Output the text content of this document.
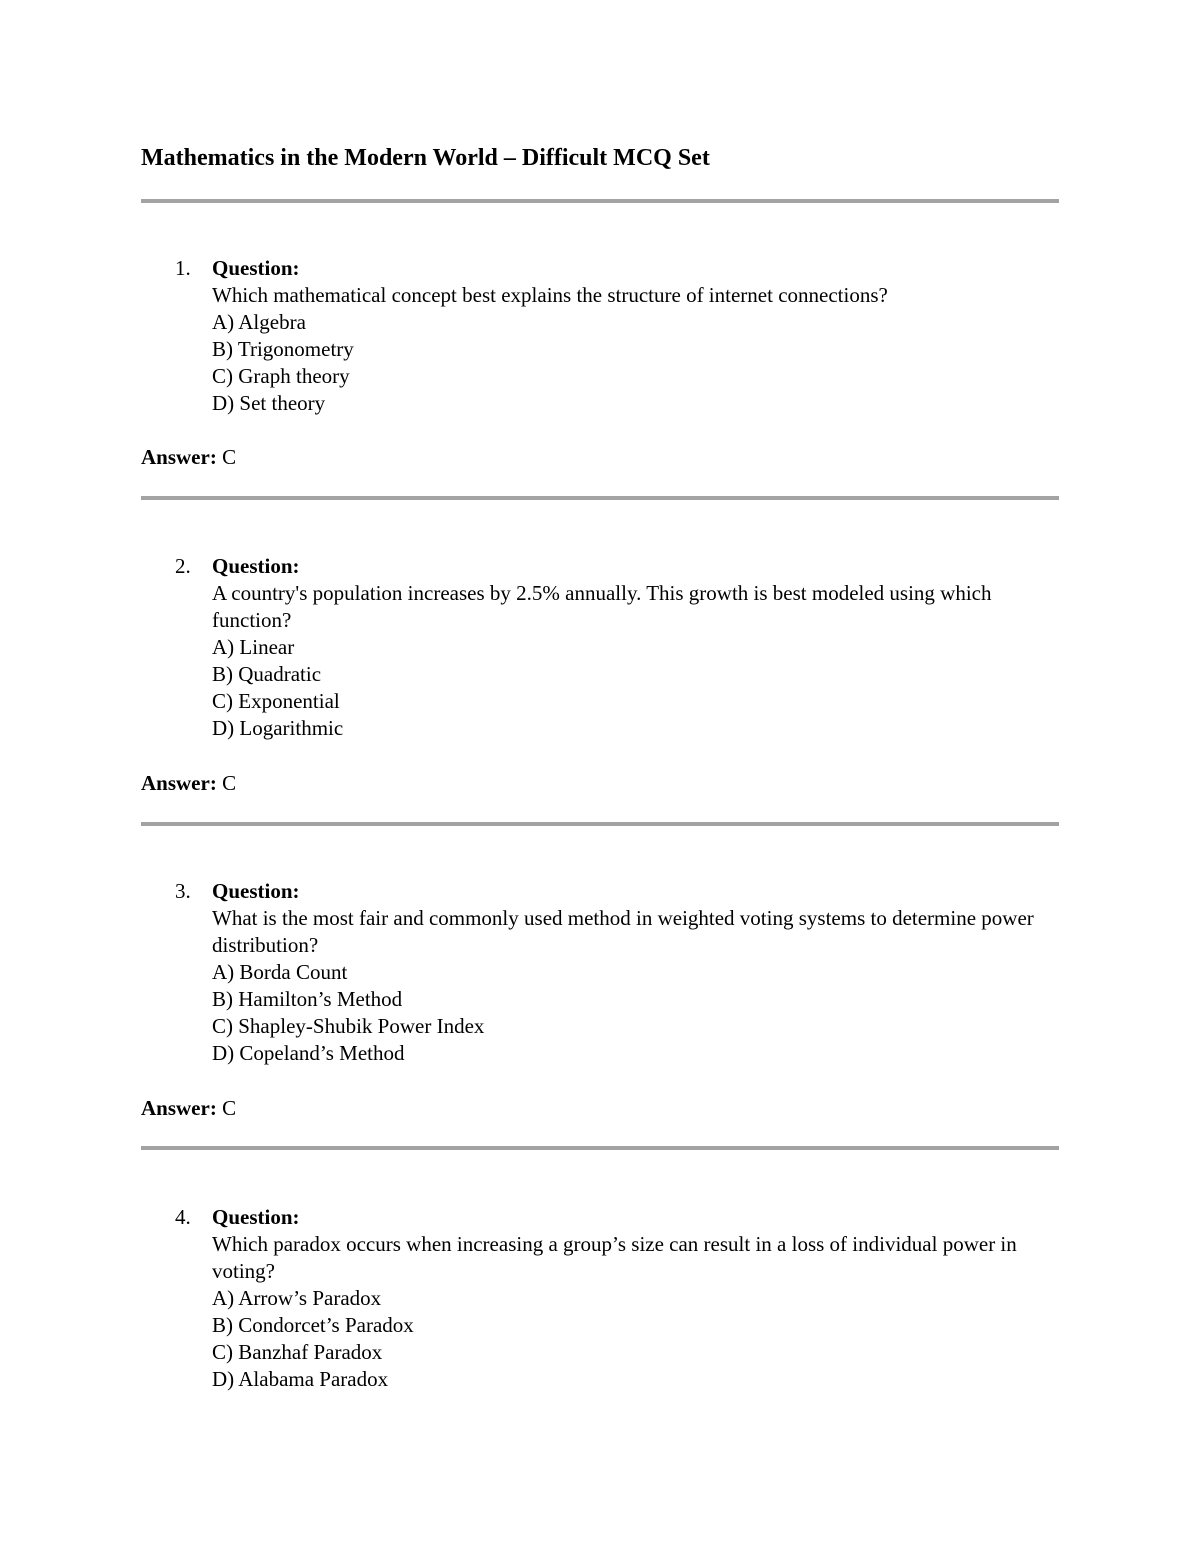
Mathematics in the Modern World – Difficult MCQ Set
1. Question:
Which mathematical concept best explains the structure of internet connections?
A) Algebra
B) Trigonometry
C) Graph theory
D) Set theory
Answer: C
2. Question:
A country's population increases by 2.5% annually. This growth is best modeled using which function?
A) Linear
B) Quadratic
C) Exponential
D) Logarithmic
Answer: C
3. Question:
What is the most fair and commonly used method in weighted voting systems to determine power distribution?
A) Borda Count
B) Hamilton’s Method
C) Shapley-Shubik Power Index
D) Copeland’s Method
Answer: C
4. Question:
Which paradox occurs when increasing a group’s size can result in a loss of individual power in voting?
A) Arrow’s Paradox
B) Condorcet’s Paradox
C) Banzhaf Paradox
D) Alabama Paradox
